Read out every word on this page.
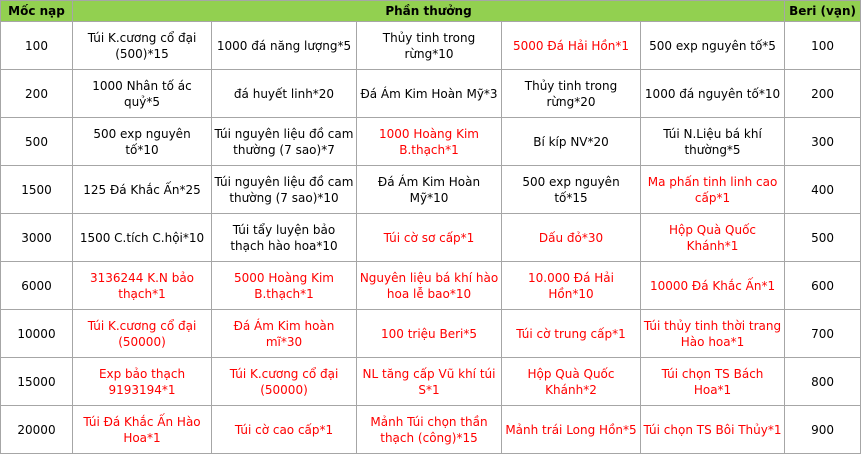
Mốc nạp	Phần thưởng					Beri (vạn)
100	Túi K.cương cổ đại (500)*15	1000 đá năng lượng*5	Thủy tinh trong rừng*10	5000 Đá Hải Hồn*1	500 exp nguyên tố*5	100
200	1000 Nhân tố ác quỷ*5	đá huyết linh*20	Đá Ám Kim Hoàn Mỹ*3	Thủy tinh trong rừng*20	1000 đá nguyên tố*10	200
500	500 exp nguyên tố*10	Túi nguyên liệu đồ cam thường (7 sao)*7	1000 Hoàng Kim B.thạch*1	Bí kíp NV*20	Túi N.Liệu bá khí thường*5	300
1500	125 Đá Khắc Ấn*25	Túi nguyên liệu đồ cam thường (7 sao)*10	Đá Ám Kim Hoàn Mỹ*10	500 exp nguyên tố*15	Ma phấn tinh linh cao cấp*1	400
3000	1500 C.tích C.hội*10	Túi tẩy luyện bảo thạch hào hoa*10	Túi cờ sơ cấp*1	Dấu đỏ*30	Hộp Quà Quốc Khánh*1	500
6000	3136244 K.N bảo thạch*1	5000 Hoàng Kim B.thạch*1	Nguyên liệu bá khí hào hoa lễ bao*10	10.000 Đá Hải Hồn*10	10000 Đá Khắc Ấn*1	600
10000	Túi K.cương cổ đại (50000)	Đá Ám Kim hoàn mĩ*30	100 triệu Beri*5	Túi cờ trung cấp*1	Túi thủy tinh thời trang Hào hoa*1	700
15000	Exp bảo thạch 9193194*1	Túi K.cương cổ đại (50000)	NL tăng cấp Vũ khí túi S*1	Hộp Quà Quốc Khánh*2	Túi chọn TS Bách Hoa*1	800
20000	Túi Đá Khắc Ấn Hào Hoa*1	Túi cờ cao cấp*1	Mảnh Túi chọn thần thạch (công)*15	Mảnh trái Long Hồn*5	Túi chọn TS Bôi Thủy*1	900
